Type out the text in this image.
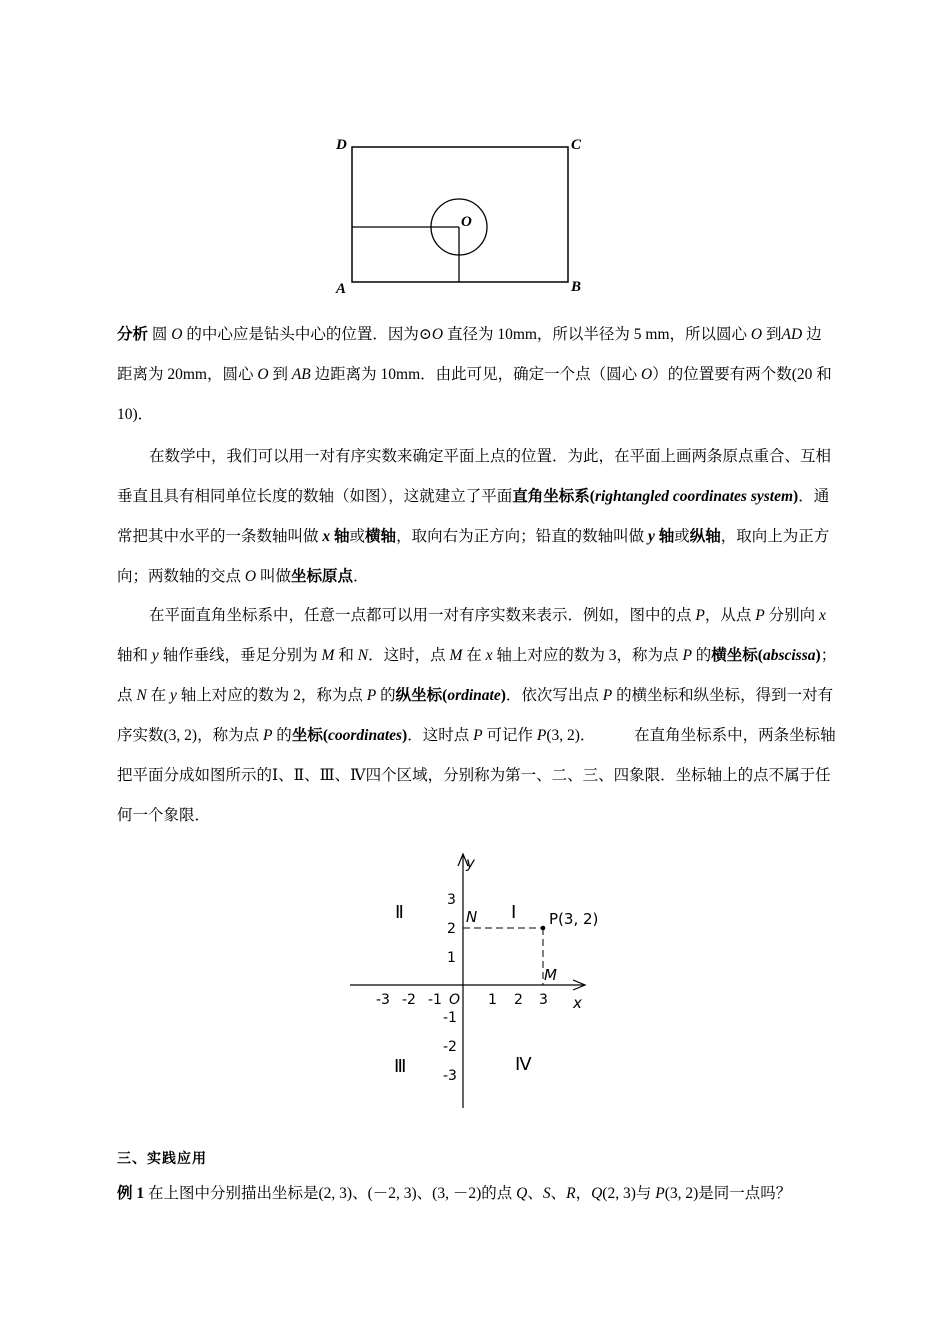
D	C
A	B
O

分析 圆 O 的中心应是钻头中心的位置．因为⊙O 直径为 10mm，所以半径为 5 mm，所以圆心 O 到AD 边距离为 20mm，圆心 O 到 AB 边距离为 10mm．由此可见，确定一个点（圆心 O）的位置要有两个数(20 和 10)．

在数学中，我们可以用一对有序实数来确定平面上点的位置．为此，在平面上画两条原点重合、互相垂直且具有相同单位长度的数轴（如图），这就建立了平面直角坐标系(rightangled coordinates system)．通常把其中水平的一条数轴叫做 x 轴或横轴，取向右为正方向；铅直的数轴叫做 y 轴或纵轴，取向上为正方向；两数轴的交点 O 叫做坐标原点．

在平面直角坐标系中，任意一点都可以用一对有序实数来表示．例如，图中的点 P，从点 P 分别向 x 轴和 y 轴作垂线，垂足分别为 M 和 N．这时，点 M 在 x 轴上对应的数为 3，称为点 P 的横坐标(abscissa)；点 N 在 y 轴上对应的数为 2，称为点 P 的纵坐标(ordinate)．依次写出点 P 的横坐标和纵坐标，得到一对有序实数(3, 2)，称为点 P 的坐标(coordinates)．这时点 P 可记作 P(3, 2)．　　　在直角坐标系中，两条坐标轴把平面分成如图所示的Ⅰ、Ⅱ、Ⅲ、Ⅳ四个区域，分别称为第一、二、三、四象限．坐标轴上的点不属于任何一个象限．

-3 -2 -1 O 1 2 3 x
3
2
1
-1
-2
-3
y
N
M
P(3, 2)
Ⅰ
Ⅱ
Ⅲ	Ⅳ
三、实践应用

例 1 在上图中分别描出坐标是(2, 3)、(－2, 3)、(3, －2)的点 Q、S、R，Q(2, 3)与 P(3, 2)是同一点吗？
